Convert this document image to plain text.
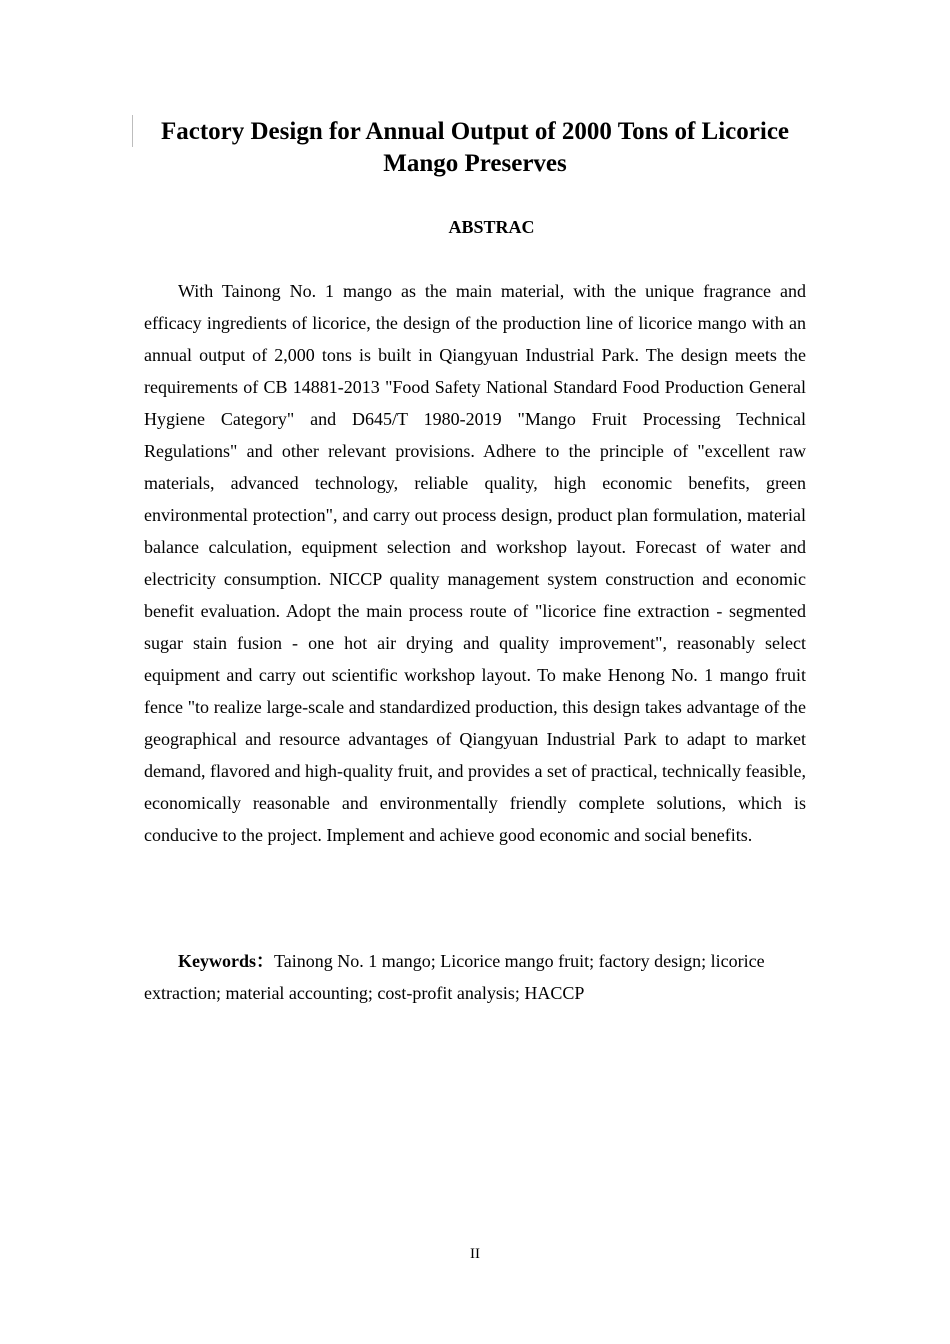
Factory Design for Annual Output of 2000 Tons of Licorice Mango Preserves
ABSTRAC

With Tainong No. 1 mango as the main material, with the unique fragrance and efficacy ingredients of licorice, the design of the production line of licorice mango with an annual output of 2,000 tons is built in Qiangyuan Industrial Park. The design meets the requirements of CB 14881-2013 "Food Safety National Standard Food Production General Hygiene Category" and D645/T 1980-2019 "Mango Fruit Processing Technical Regulations" and other relevant provisions. Adhere to the principle of "excellent raw materials, advanced technology, reliable quality, high economic benefits, green environmental protection", and carry out process design, product plan formulation, material balance calculation, equipment selection and workshop layout. Forecast of water and electricity consumption. NICCP quality management system construction and economic benefit evaluation. Adopt the main process route of "licorice fine extraction - segmented sugar stain fusion - one hot air drying and quality improvement", reasonably select equipment and carry out scientific workshop layout. To make Henong No. 1 mango fruit fence "to realize large-scale and standardized production, this design takes advantage of the geographical and resource advantages of Qiangyuan Industrial Park to adapt to market demand, flavored and high-quality fruit, and provides a set of practical, technically feasible, economically reasonable and environmentally friendly complete solutions, which is conducive to the project. Implement and achieve good economic and social benefits.

Keywords：Tainong No. 1 mango; Licorice mango fruit; factory design; licorice extraction; material accounting; cost-profit analysis; HACCP

II
